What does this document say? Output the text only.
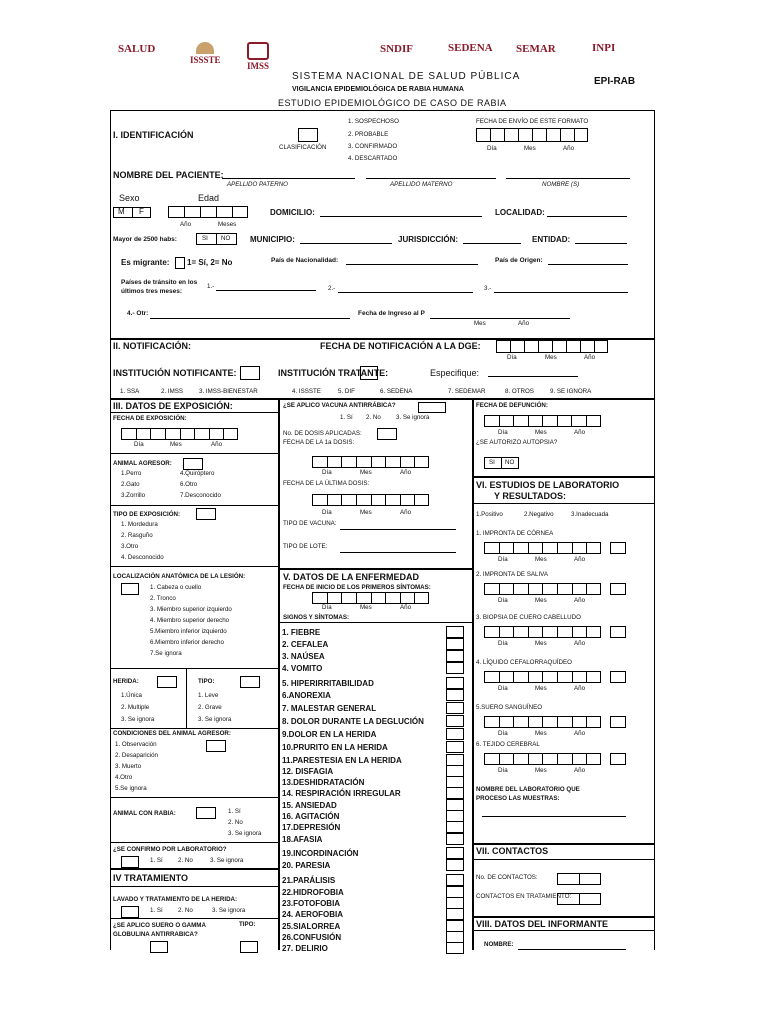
SALUD
ISSSTE
IMSS
SNDIF	SEDENA SEMAR	INPI
SISTEMA NACIONAL DE SALUD PÚBLICA
VIGILANCIA EPIDEMIOLÓGICA DE RABIA HUMANA
ESTUDIO EPIDEMIOLÓGICO DE CASO DE RABIA
EPI-RAB
I. IDENTIFICACIÓN
CLASIFICACIÓN
1. SOSPECHOSO
2. PROBABLE
3. CONFIRMADO
4. DESCARTADO
FECHA DE ENVÍO DE ESTE FORMATO
Día	Mes	Año
NOMBRE DEL PACIENTE:
APELLIDO PATERNO	APELLIDO MATERNO	NOMBRE (S)
Sexo	Edad
M F
Año	Meses
DOMICILIO:	LOCALIDAD:
Mayor de 2500 habs:	SI NO MUNICIPIO:	JURISDICCIÓN:	ENTIDAD:
Es migrante: 1= Sí, 2= No	País de Nacionalidad:	País de Origen:
Países de tránsito en los últimos tres meses:
1.-	2.-	3.-
4.- Otr:	Fecha de Ingreso al P
Mes	Año
II. NOTIFICACIÓN:	FECHA DE NOTIFICACIÓN A LA DGE:
Día	Mes	Año
INSTITUCIÓN NOTIFICANTE:	INSTITUCIÓN TRATANTE:	Especifique:
1. SSA	2. IMSS	3. IMSS-BIENESTAR	4. ISSSTE	5. DIF	6. SEDENA	7. SEDEMAR	8. OTROS	9. SE IGNORA
III. DATOS DE EXPOSICIÓN:
FECHA DE EXPOSICIÓN:
Día	Mes	Año
ANIMAL AGRESOR:
1.Perro	4.Quiróptero
2.Gato	6.Otro
3.Zorrillo	7.Desconocido
TIPO DE EXPOSICIÓN:
1. Mordedura
2. Rasguño
3.Otro
4. Desconocido
LOCALIZACIÓN ANATÓMICA DE LA LESIÓN:
1. Cabeza o cuello
2. Tronco
3. Miembro superior izquierdo
4. Miembro superior derecho
5.Miembro inferior izquierdo
6.Miembro inferior derecho
7.Se ignora
HERIDA:	TIPO:
1.Única
2. Multiple
3. Se ignora
1. Leve
2. Grave
3. Se ignora
CONDICIONES DEL ANIMAL AGRESOR:
1. Observación
2. Desaparición
3. Muerto
4.Otro
5.Se ignora
ANIMAL CON RABIA:	1. Sí
2. No
3. Se ignora
¿SE CONFIRMO POR LABORATORIO?
1. Sí 2. No	3. Se ignora
IV TRATAMIENTO
LAVADO Y TRATAMIENTO DE LA HERIDA:
1. Sí 2. No	3. Se ignora
¿SE APLICO SUERO O GAMMA GLOBULINA ANTIRRABICA?
TIPO:
¿SE APLICO VACUNA ANTIRRÁBICA?
1. Sí 2. No 3. Se ignora
No. DE DOSIS APLICADAS:
FECHA DE LA 1a DOSIS:
Día	Mes	Año
FECHA DE LA ÚLTIMA DOSIS:
Día	Mes	Año
TIPO DE VACUNA:
TIPO DE LOTE:
V. DATOS DE LA ENFERMEDAD
FECHA DE INICIO DE LOS PRIMEROS SÍNTOMAS:
Día	Mes	Año
SIGNOS Y SÍNTOMAS:
1. FIEBRE
2. CEFALEA
3. NAÚSEA
4. VOMITO
5. HIPERIRRITABILIDAD
6.ANOREXIA
7. MALESTAR GENERAL
8. DOLOR DURANTE LA DEGLUCIÓN
9.DOLOR EN LA HERIDA
10.PRURITO EN LA HERIDA
11.PARESTESIA EN LA HERIDA
12. DISFAGIA
13.DESHIDRATACIÓN
14. RESPIRACIÓN IRREGULAR
15. ANSIEDAD
16. AGITACIÓN
17.DEPRESIÓN
18.AFASIA
19.INCORDINACIÓN
20. PARESIA
21.PARÁLISIS
22.HIDROFOBIA
23.FOTOFOBIA
24. AEROFOBIA
25.SIALORREA
26.CONFUSIÓN
27. DELIRIO
FECHA DE DEFUNCIÓN:
Día	Mes	Año
¿SE AUTORIZO AUTOPSIA?
SI NO
VI. ESTUDIOS DE LABORATORIO
Y RESULTADOS:
1.Positivo	2.Negativo	3.Inadecuada
1. IMPRONTA DE CÓRNEA
Día	Mes	Año
2. IMPRONTA DE SALIVA
Día	Mes	Año
3. BIOPSIA DE CUERO CABELLUDO
Día	Mes	Año
4. LÍQUIDO CEFALORRAQUÍDEO
Día	Mes	Año
5.SUERO SANGUÍNEO
Día	Mes	Año
6. TEJIDO CEREBRAL
Día	Mes	Año
NOMBRE DEL LABORATORIO QUE PROCESO LAS MUESTRAS:
VII. CONTACTOS
No. DE CONTACTOS:
CONTACTOS EN TRATAMIENTO:
VIII. DATOS DEL INFORMANTE
NOMBRE:
